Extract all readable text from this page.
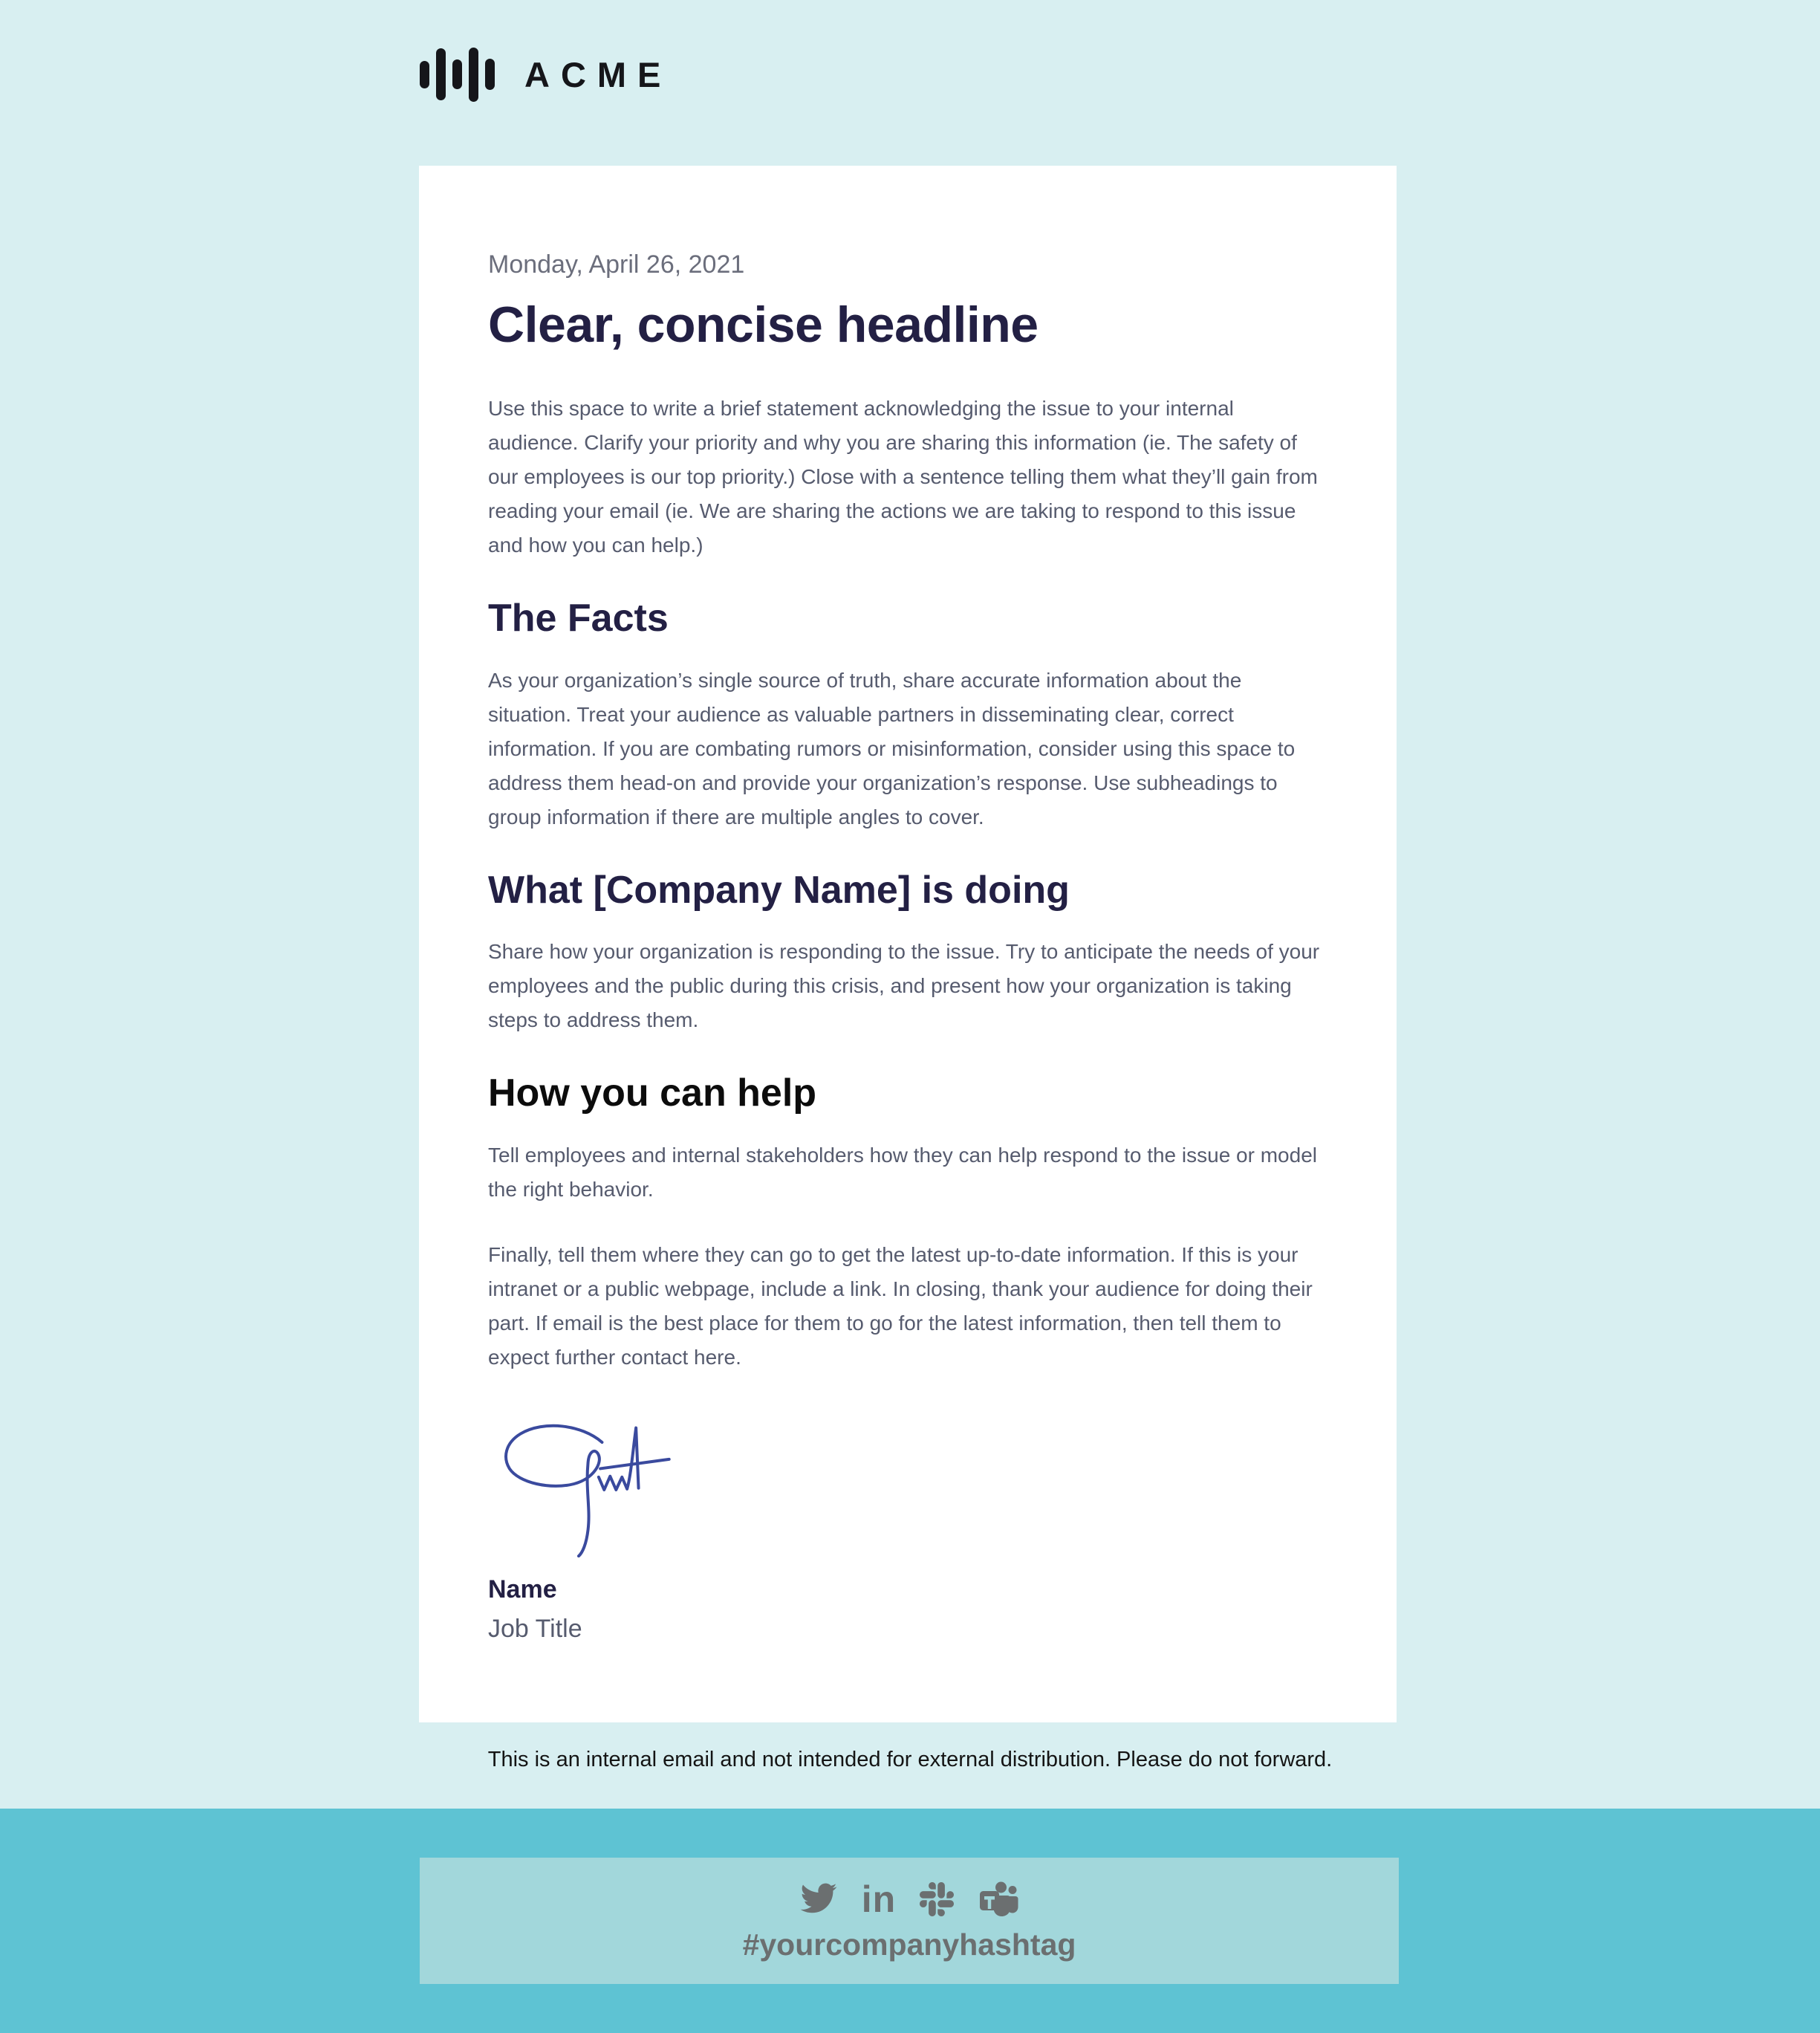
ACME

Monday, April 26, 2021

Clear, concise headline

Use this space to write a brief statement acknowledging the issue to your internal audience. Clarify your priority and why you are sharing this information (ie. The safety of our employees is our top priority.) Close with a sentence telling them what they’ll gain from reading your email (ie. We are sharing the actions we are taking to respond to this issue and how you can help.)

The Facts

As your organization’s single source of truth, share accurate information about the situation. Treat your audience as valuable partners in disseminating clear, correct information. If you are combating rumors or misinformation, consider using this space to address them head-on and provide your organization’s response. Use subheadings to group information if there are multiple angles to cover.

What [Company Name] is doing

Share how your organization is responding to the issue. Try to anticipate the needs of your employees and the public during this crisis, and present how your organization is taking steps to address them.

How you can help

Tell employees and internal stakeholders how they can help respond to the issue or model the right behavior.

Finally, tell them where they can go to get the latest up-to-date information. If this is your intranet or a public webpage, include a link. In closing, thank your audience for doing their part. If email is the best place for them to go for the latest information, then tell them to expect further contact here.

Name

Job Title

This is an internal email and not intended for external distribution. Please do not forward.
in
#yourcompanyhashtag
